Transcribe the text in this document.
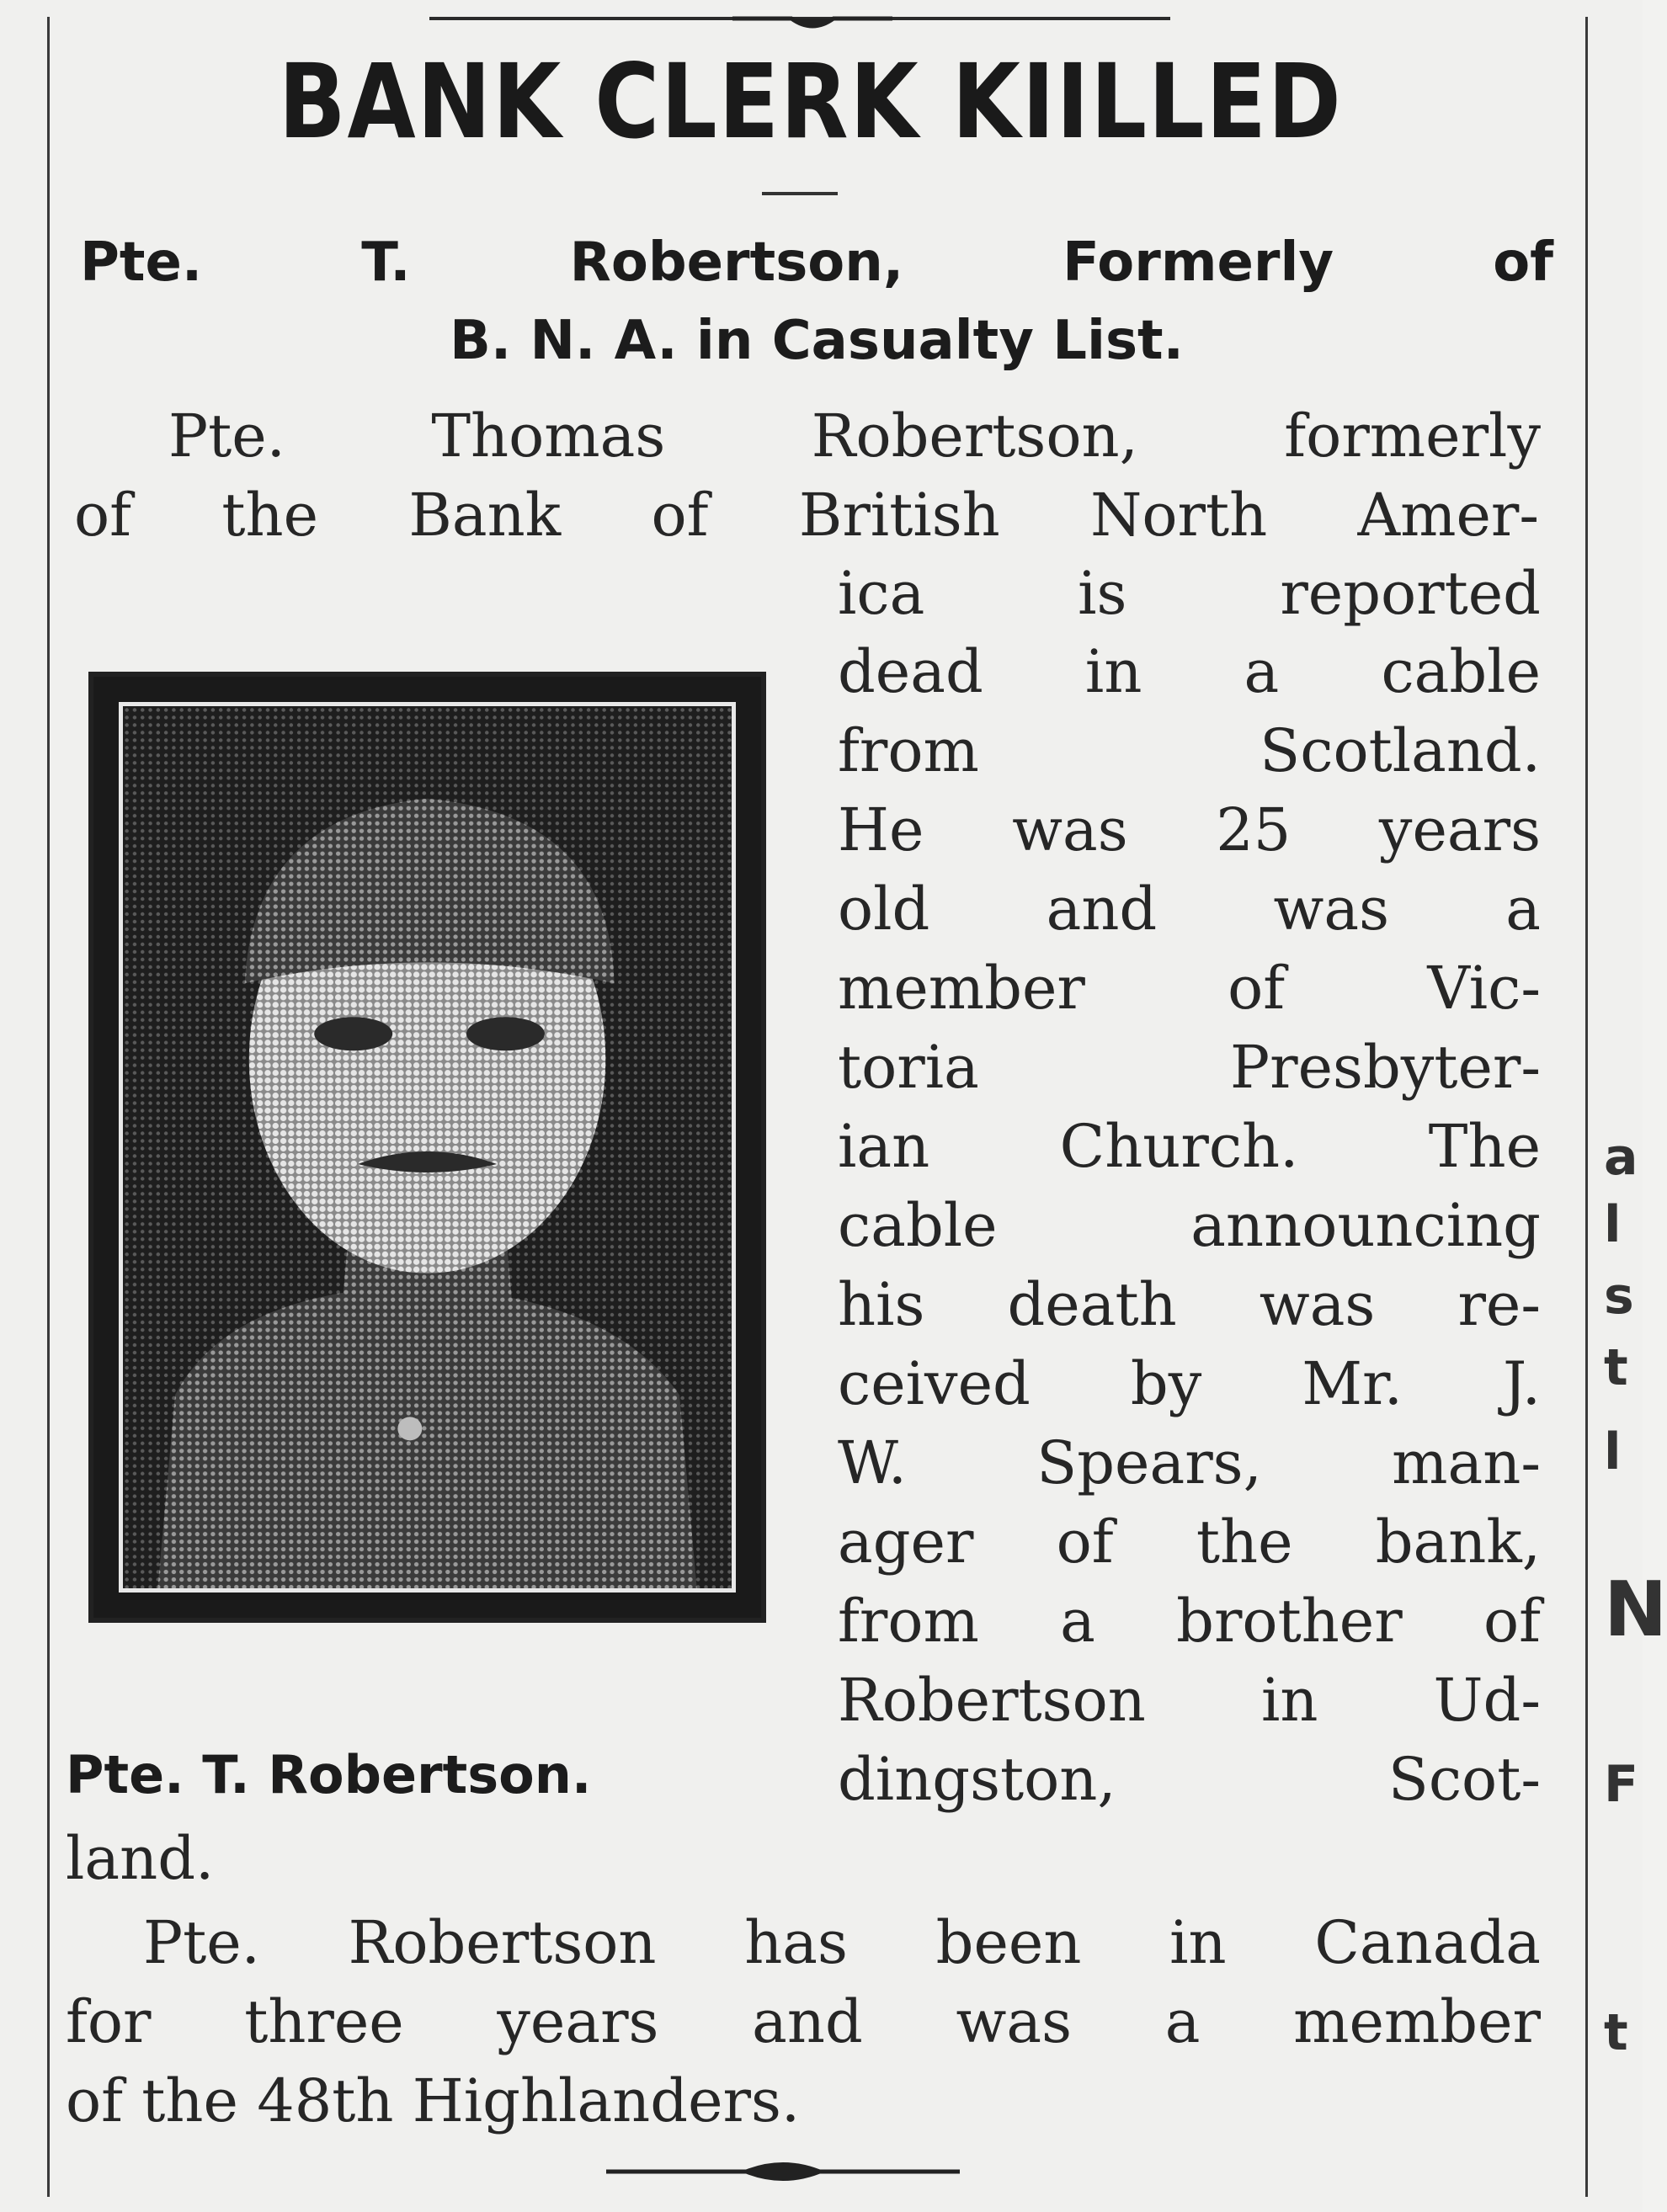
BANK CLERK KIILLED
Pte. T. Robertson, Formerly of
B. N. A. in Casualty List.
Pte. Thomas Robertson, formerly
of the Bank of British North Amer-
ica is reported
dead in a cable
from Scotland.
He was 25 years
old and was a
member of Vic-
toria Presbyter-
ian Church. The
cable announcing
his death was re-
ceived by Mr. J.
W. Spears, man-
ager of the bank,
from a brother of
Robertson in Ud-
dingston, Scot-
land.
Pte. Robertson has been in Canada
for three years and was a member
of the 48th Highlanders.
Pte. T. Robertson.
a
l
s
t
l
N
F
t
